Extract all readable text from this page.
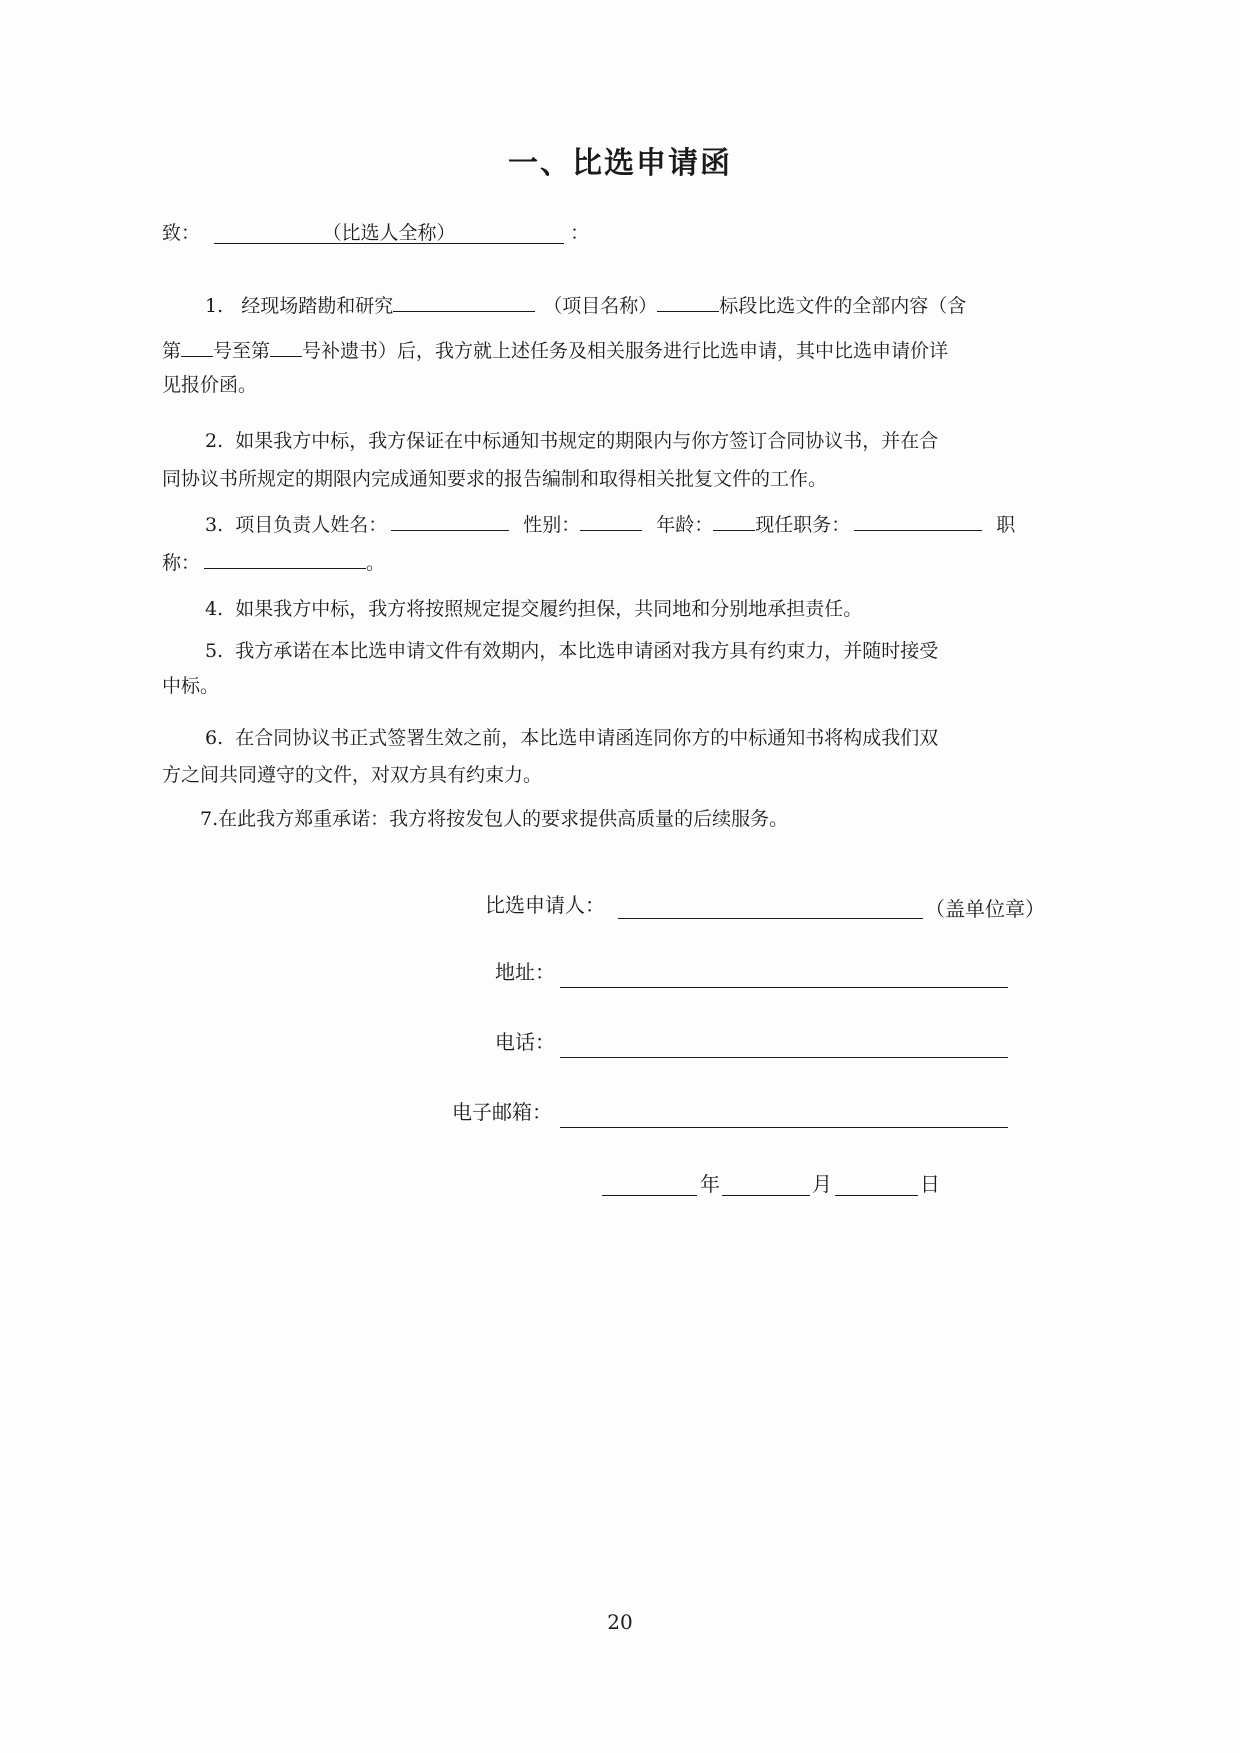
一、比选申请函
致：	（比选人全称）	：
1.   经现场踏勘和研究	（项目名称）	标段比选文件的全部内容（含
第 号至第 号补遗书）后，我方就上述任务及相关服务进行比选申请，其中比选申请价详
见报价函。
2.  如果我方中标，我方保证在中标通知书规定的期限内与你方签订合同协议书，并在合
同协议书所规定的期限内完成通知要求的报告编制和取得相关批复文件的工作。
3.  项目负责人姓名：	性别：	年龄： 现任职务：	职
称：	。
4.  如果我方中标，我方将按照规定提交履约担保，共同地和分别地承担责任。
5.  我方承诺在本比选申请文件有效期内，本比选申请函对我方具有约束力，并随时接受
中标。
6.  在合同协议书正式签署生效之前，本比选申请函连同你方的中标通知书将构成我们双
方之间共同遵守的文件，对双方具有约束力。
7.在此我方郑重承诺：我方将按发包人的要求提供高质量的后续服务。
比选申请人：	（盖单位章）
地址：
电话：
电子邮箱：
年	月	日
20
